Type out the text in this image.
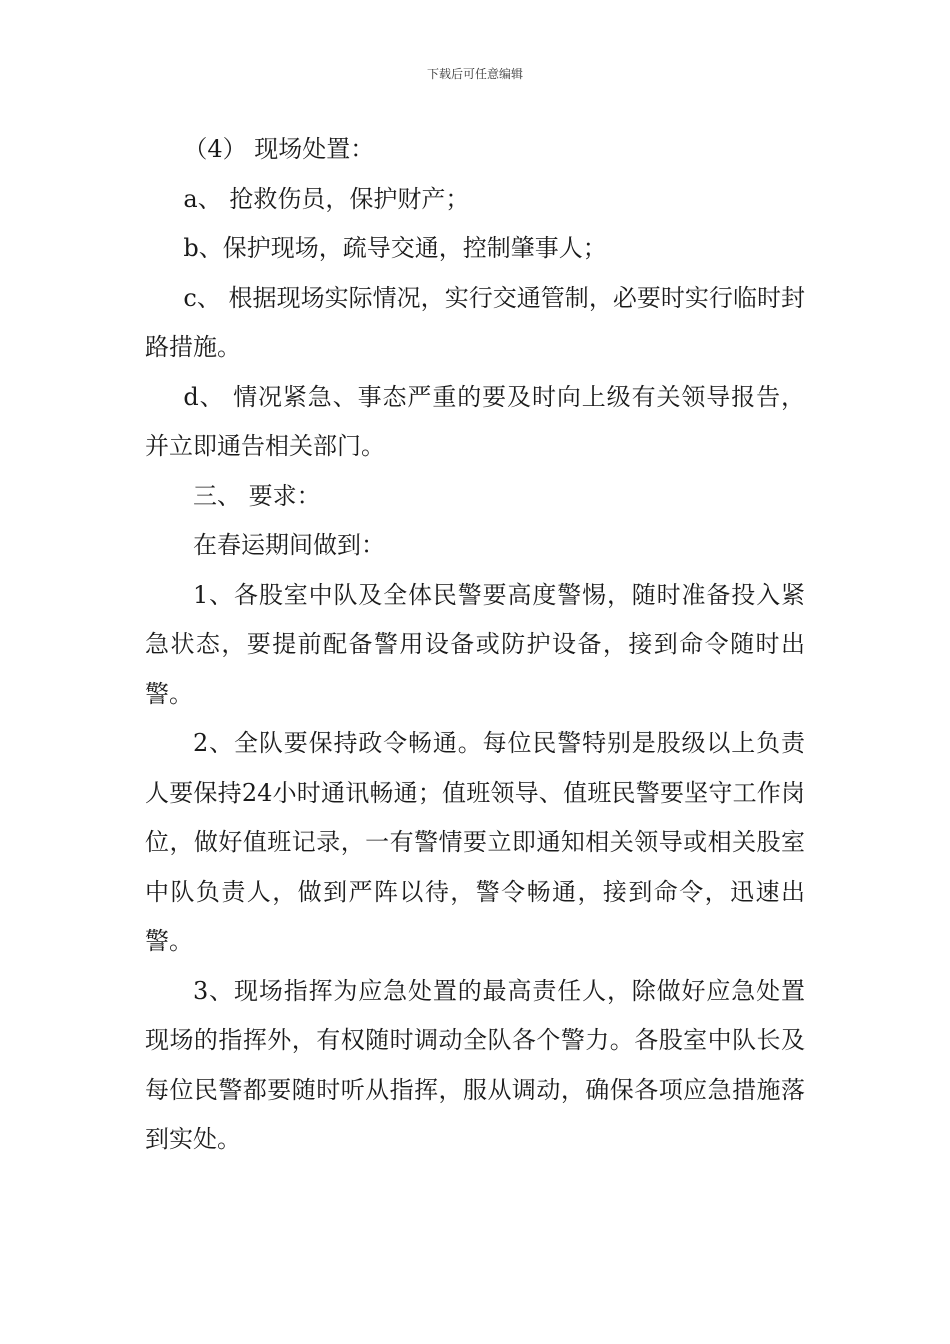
下载后可任意编辑

（4） 现场处置：

a、 抢救伤员，保护财产；

b、保护现场，疏导交通，控制肇事人；

c、 根据现场实际情况，实行交通管制，必要时实行临时封路措施。

d、 情况紧急、事态严重的要及时向上级有关领导报告，并立即通告相关部门。

三、 要求：

在春运期间做到：

1、各股室中队及全体民警要高度警惕，随时准备投入紧急状态，要提前配备警用设备或防护设备，接到命令随时出警。

2、全队要保持政令畅通。每位民警特别是股级以上负责人要保持24小时通讯畅通；值班领导、值班民警要坚守工作岗位，做好值班记录，一有警情要立即通知相关领导或相关股室中队负责人，做到严阵以待，警令畅通，接到命令，迅速出警。

3、现场指挥为应急处置的最高责任人，除做好应急处置现场的指挥外，有权随时调动全队各个警力。各股室中队长及每位民警都要随时听从指挥，服从调动，确保各项应急措施落到实处。
